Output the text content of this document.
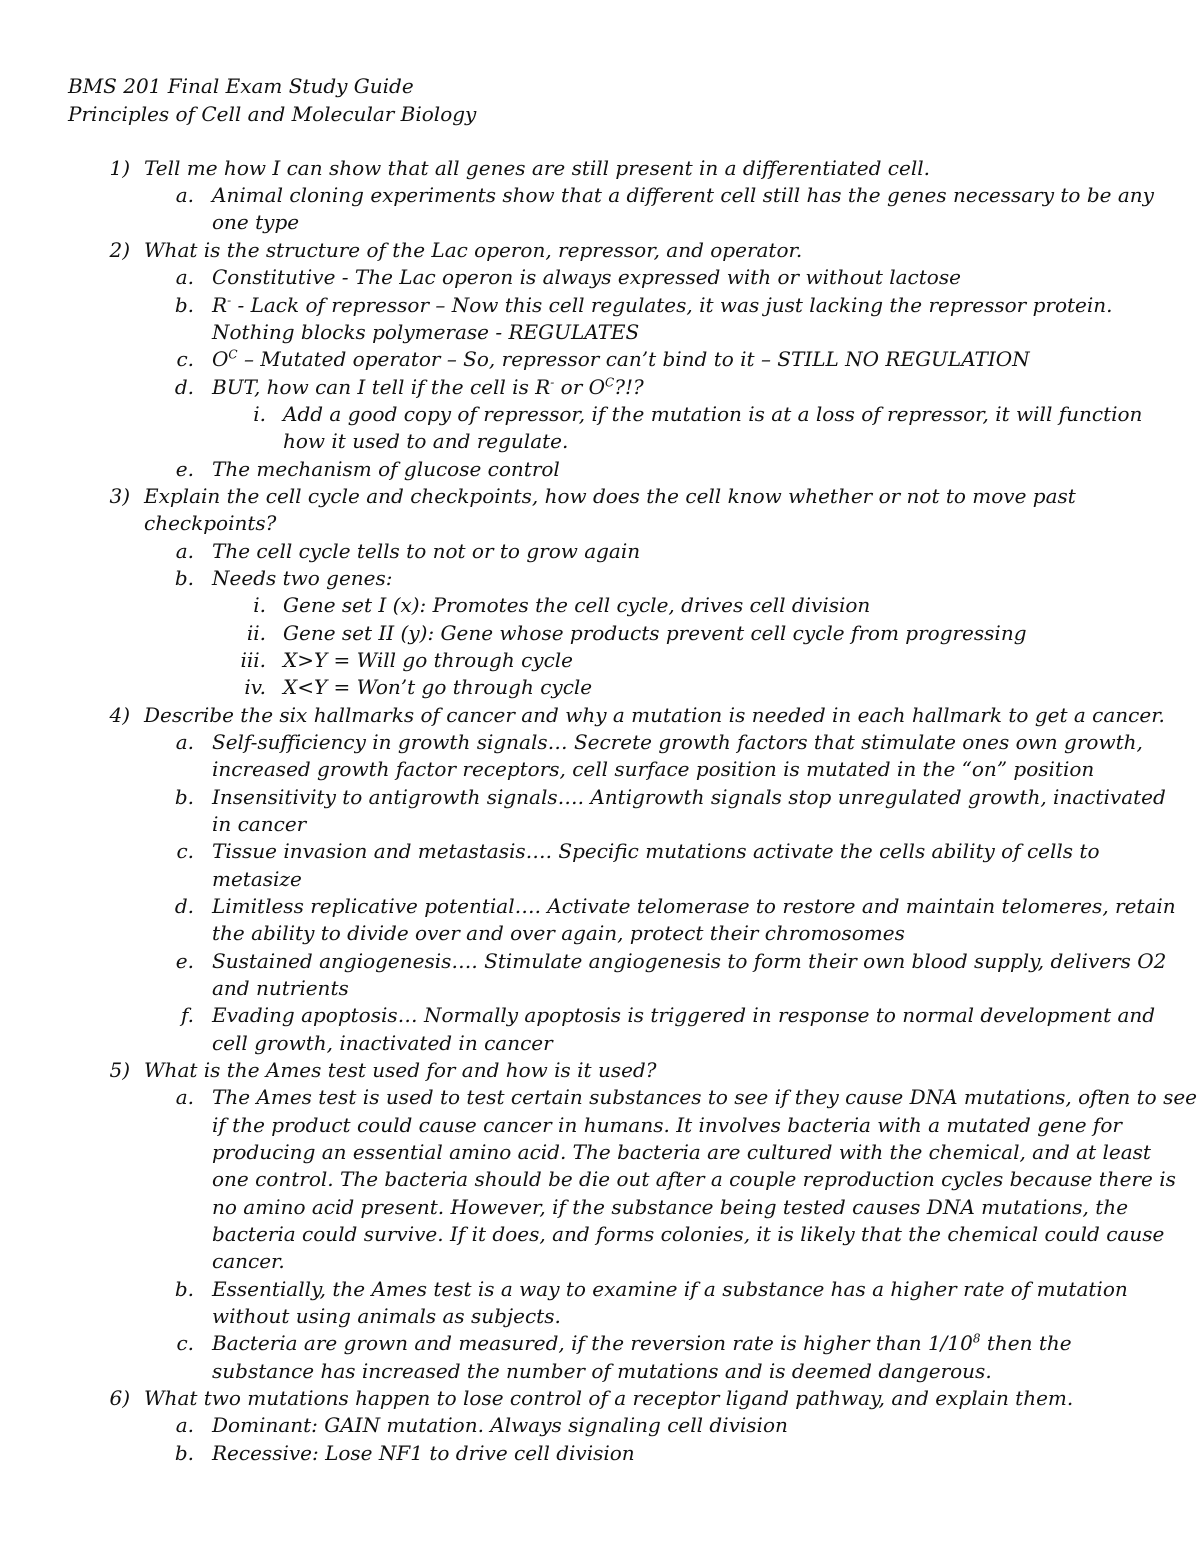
BMS 201 Final Exam Study Guide
Principles of Cell and Molecular Biology
1) Tell me how I can show that all genes are still present in a differentiated cell.
a. Animal cloning experiments show that a different cell still has the genes necessary to be any
one type
2) What is the structure of the Lac operon, repressor, and operator.
a. Constitutive - The Lac operon is always expressed with or without lactose
b. R- - Lack of repressor – Now this cell regulates, it was just lacking the repressor protein.
Nothing blocks polymerase - REGULATES
c. $O^C$ – Mutated operator – So, repressor can’t bind to it – STILL NO REGULATION
d. BUT, how can I tell if the cell is R- or $O^C$?!?
i. Add a good copy of repressor, if the mutation is at a loss of repressor, it will function
how it used to and regulate.
e. The mechanism of glucose control
3) Explain the cell cycle and checkpoints, how does the cell know whether or not to move past
checkpoints?
a. The cell cycle tells to not or to grow again
b. Needs two genes:
i. Gene set I (x): Promotes the cell cycle, drives cell division
ii. Gene set II (y): Gene whose products prevent cell cycle from progressing
iii. X>Y = Will go through cycle
iv. X<Y = Won’t go through cycle
4) Describe the six hallmarks of cancer and why a mutation is needed in each hallmark to get a cancer.
a. Self-sufficiency in growth signals… Secrete growth factors that stimulate ones own growth,
increased growth factor receptors, cell surface position is mutated in the “on” position
b. Insensitivity to antigrowth signals…. Antigrowth signals stop unregulated growth, inactivated
in cancer
c. Tissue invasion and metastasis…. Specific mutations activate the cells ability of cells to
metasize
d. Limitless replicative potential…. Activate telomerase to restore and maintain telomeres, retain
the ability to divide over and over again, protect their chromosomes
e. Sustained angiogenesis…. Stimulate angiogenesis to form their own blood supply, delivers O2
and nutrients
f. Evading apoptosis… Normally apoptosis is triggered in response to normal development and
cell growth, inactivated in cancer
5) What is the Ames test used for and how is it used?
a. The Ames test is used to test certain substances to see if they cause DNA mutations, often to see
if the product could cause cancer in humans. It involves bacteria with a mutated gene for
producing an essential amino acid. The bacteria are cultured with the chemical, and at least
one control. The bacteria should be die out after a couple reproduction cycles because there is
no amino acid present. However, if the substance being tested causes DNA mutations, the
bacteria could survive. If it does, and forms colonies, it is likely that the chemical could cause
cancer.
b. Essentially, the Ames test is a way to examine if a substance has a higher rate of mutation
without using animals as subjects.
c. Bacteria are grown and measured, if the reversion rate is higher than $1/10^8$ then the
substance has increased the number of mutations and is deemed dangerous.
6) What two mutations happen to lose control of a receptor ligand pathway, and explain them.
a. Dominant: GAIN mutation. Always signaling cell division
b. Recessive: Lose NF1 to drive cell division
